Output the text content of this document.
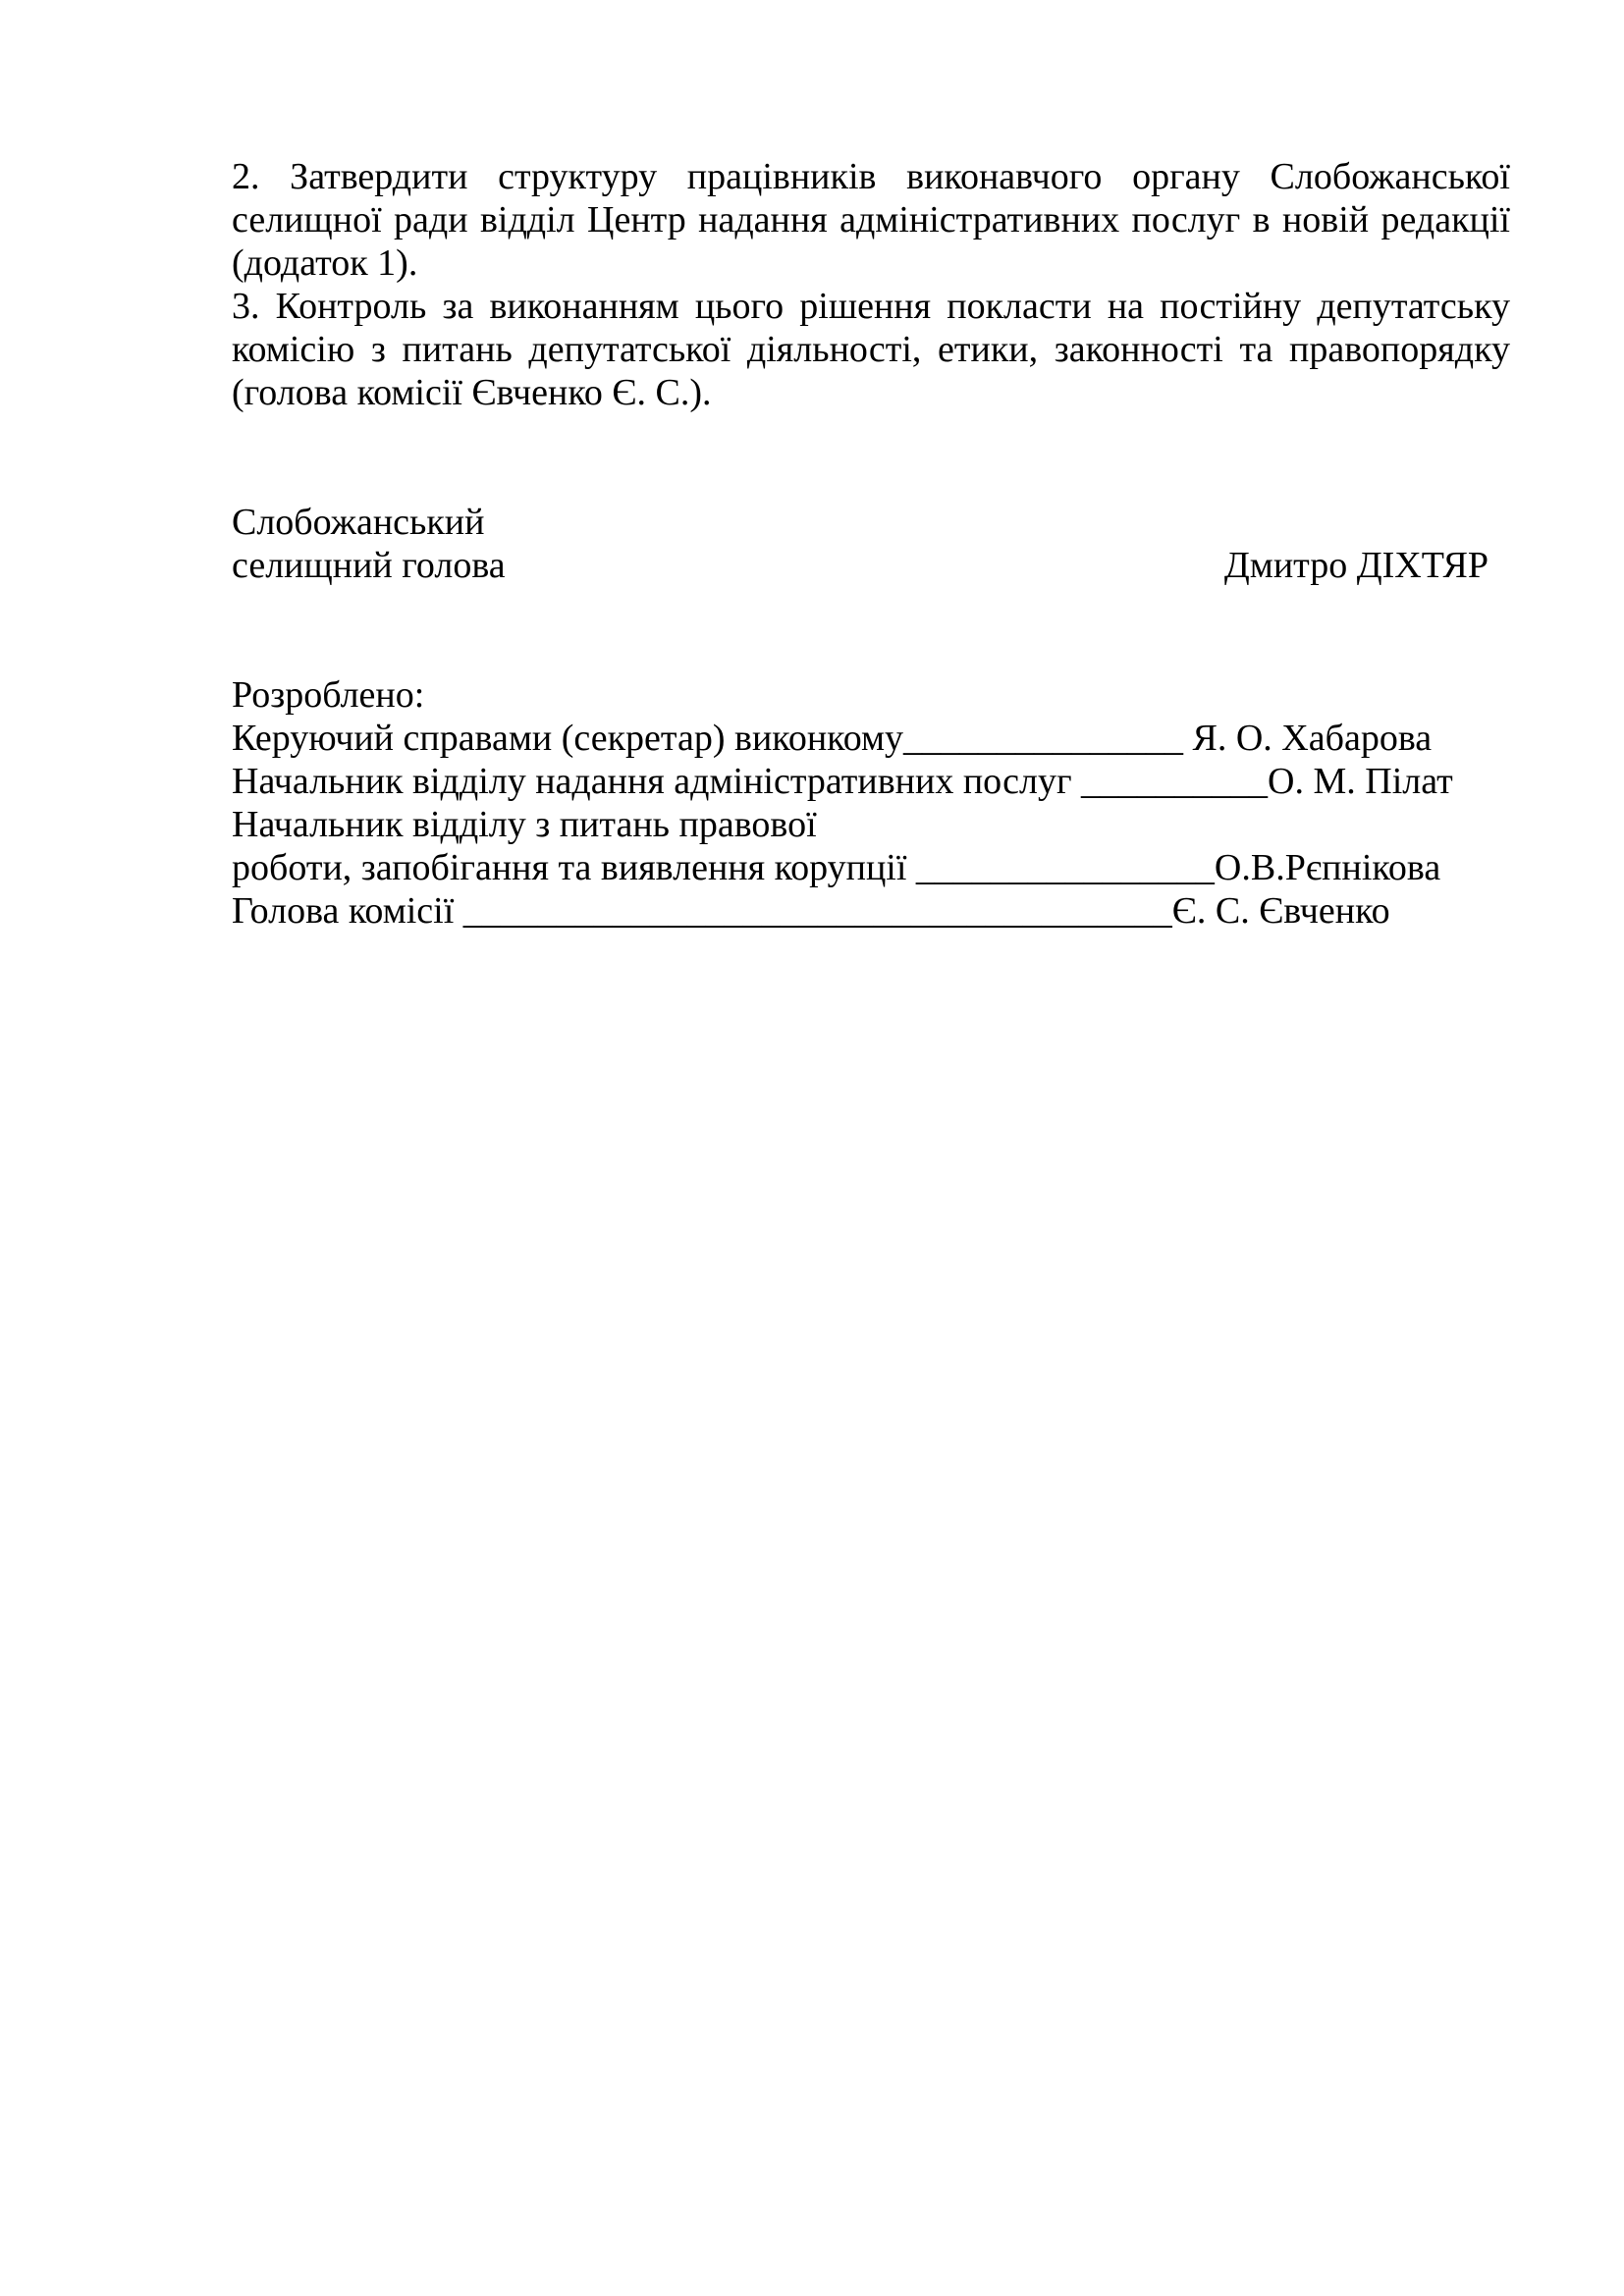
2. Затвердити структуру працівників виконавчого органу Слобожанської селищної ради відділ Центр надання адміністративних послуг в новій редакції (додаток 1).

3. Контроль за виконанням цього рішення покласти на постійну депутатську комісію з питань депутатської діяльності, етики, законності та правопорядку (голова комісії Євченко Є. С.).

Слобожанський

селищний голова	Дмитро ДІХТЯР

Розроблено:

Керуючий справами (секретар) виконкому_______________ Я. О. Хабарова

Начальник відділу надання адміністративних послуг __________О. М. Пілат

Начальник відділу з питань правової

роботи, запобігання та виявлення корупції ________________О.В.Рєпнікова

Голова комісії ______________________________________Є. С. Євченко
